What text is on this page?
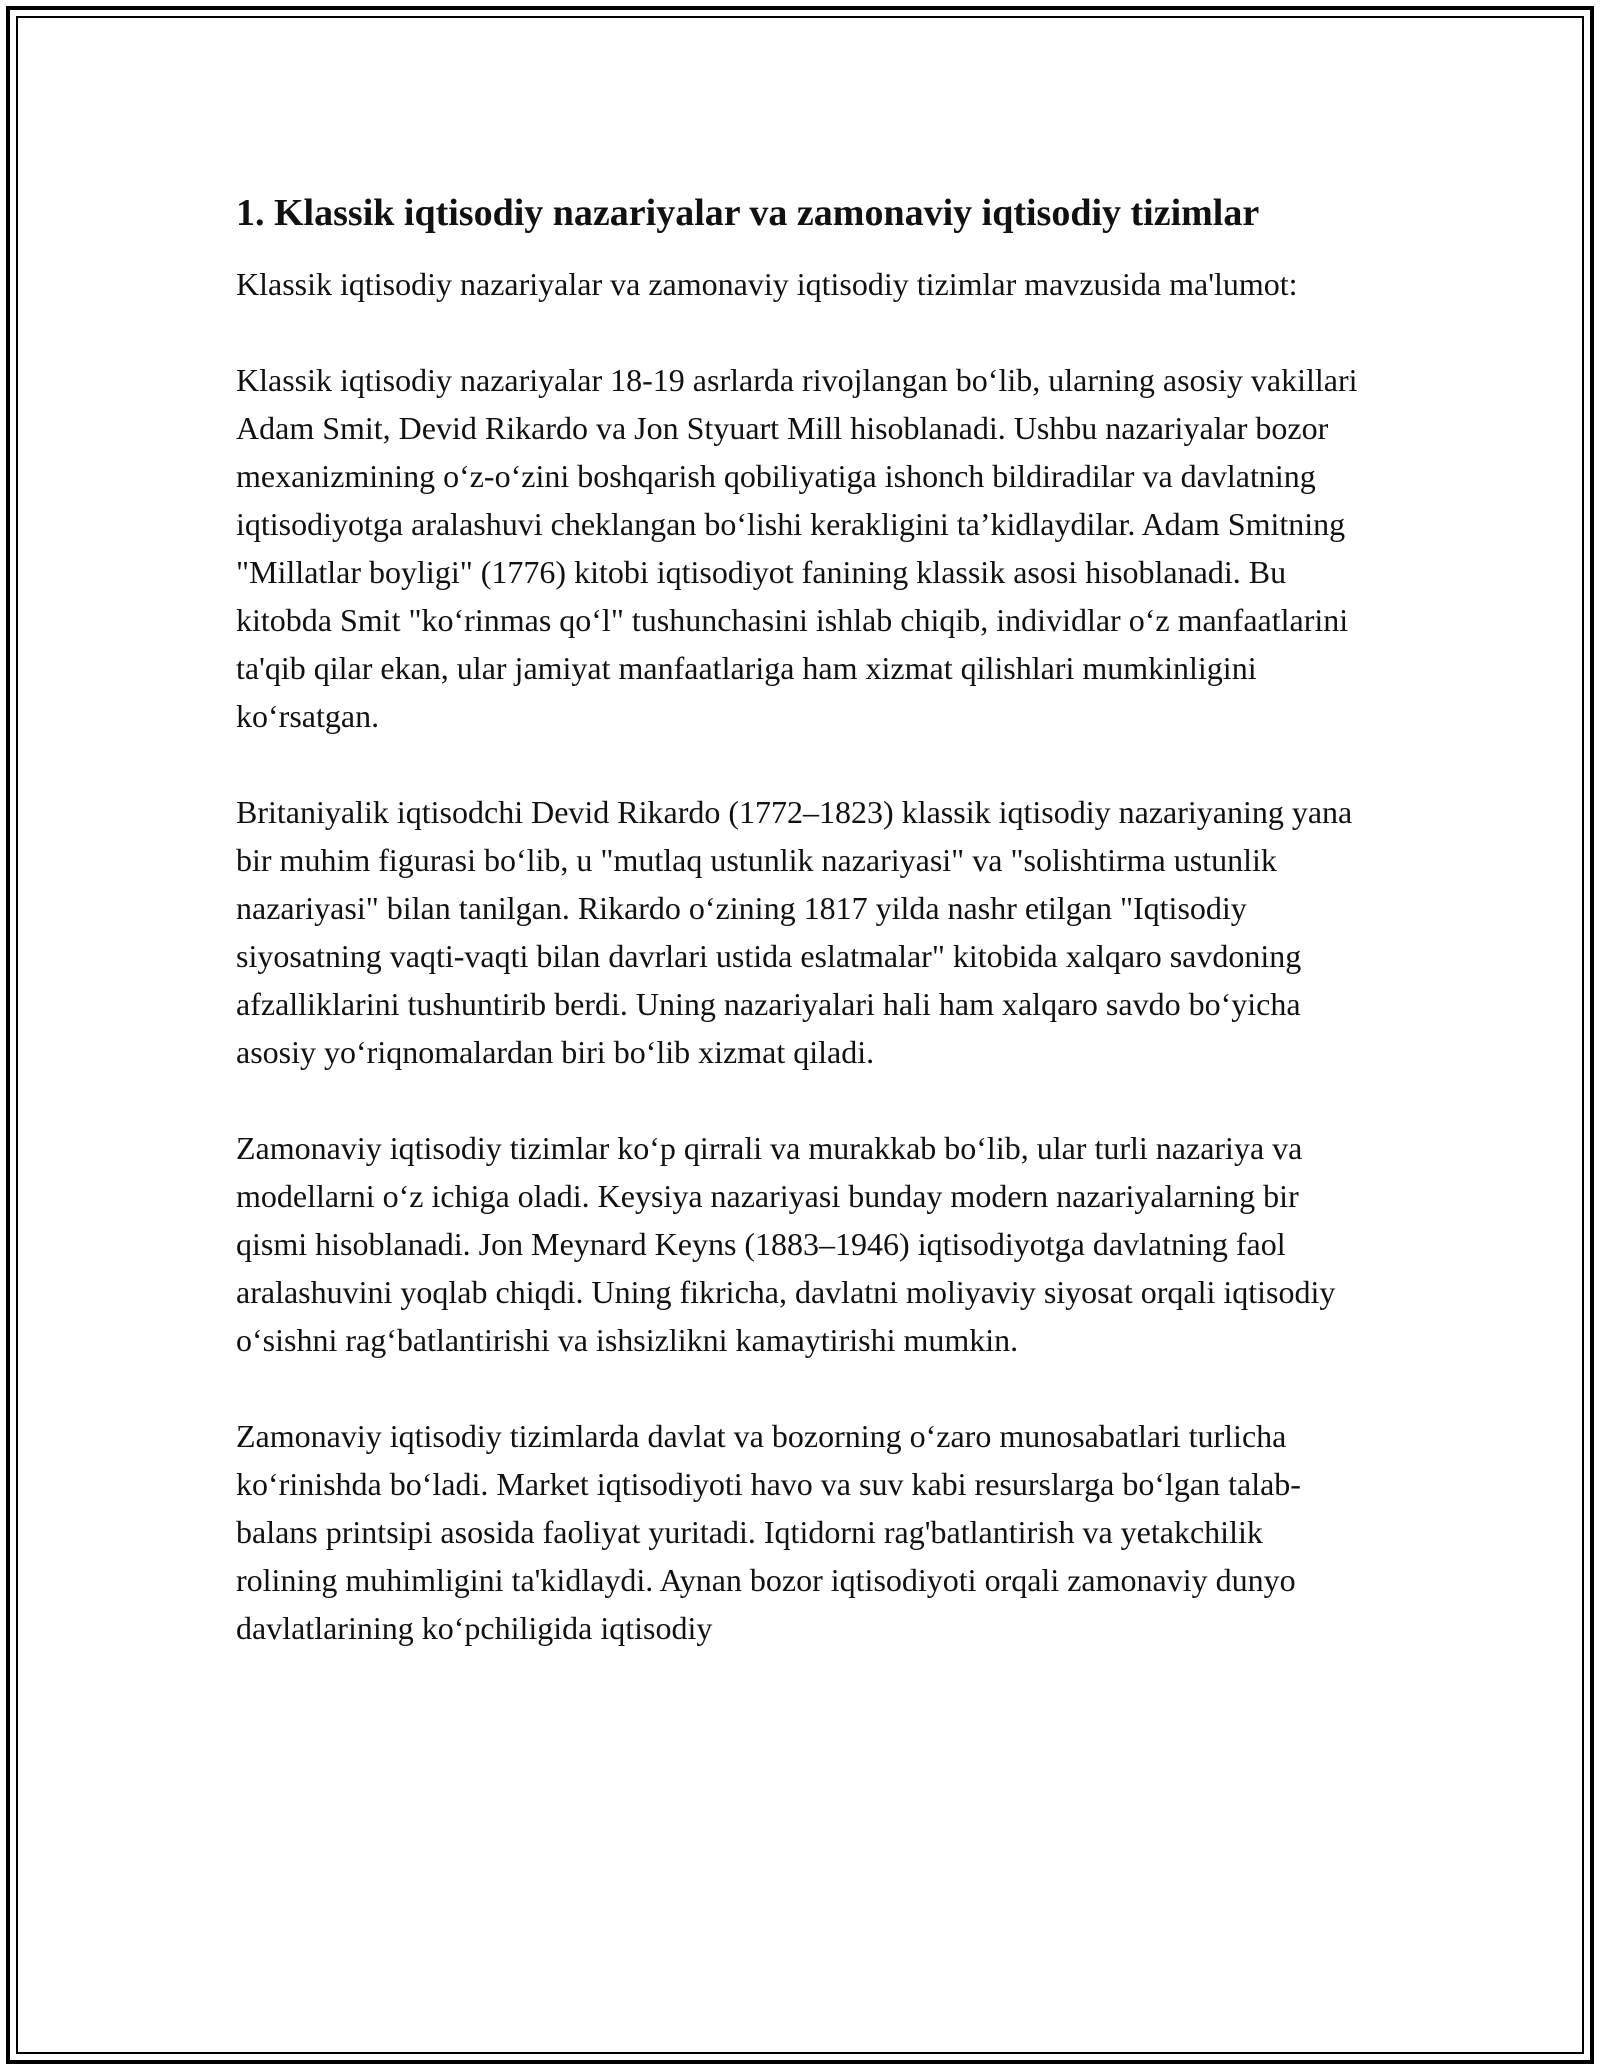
1. Klassik iqtisodiy nazariyalar va zamonaviy iqtisodiy tizimlar

Klassik iqtisodiy nazariyalar va zamonaviy iqtisodiy tizimlar mavzusida ma'lumot:

Klassik iqtisodiy nazariyalar 18-19 asrlarda rivojlangan bo‘lib, ularning asosiy vakillari Adam Smit, Devid Rikardo va Jon Styuart Mill hisoblanadi. Ushbu nazariyalar bozor mexanizmining o‘z-o‘zini boshqarish qobiliyatiga ishonch bildiradilar va davlatning iqtisodiyotga aralashuvi cheklangan bo‘lishi kerakligini ta’kidlaydilar. Adam Smitning "Millatlar boyligi" (1776) kitobi iqtisodiyot fanining klassik asosi hisoblanadi. Bu kitobda Smit "ko‘rinmas qo‘l" tushunchasini ishlab chiqib, individlar o‘z manfaatlarini ta'qib qilar ekan, ular jamiyat manfaatlariga ham xizmat qilishlari mumkinligini ko‘rsatgan.

Britaniyalik iqtisodchi Devid Rikardo (1772–1823) klassik iqtisodiy nazariyaning yana bir muhim figurasi bo‘lib, u "mutlaq ustunlik nazariyasi" va "solishtirma ustunlik nazariyasi" bilan tanilgan. Rikardo o‘zining 1817 yilda nashr etilgan "Iqtisodiy siyosatning vaqti-vaqti bilan davrlari ustida eslatmalar" kitobida xalqaro savdoning afzalliklarini tushuntirib berdi. Uning nazariyalari hali ham xalqaro savdo bo‘yicha asosiy yo‘riqnomalardan biri bo‘lib xizmat qiladi.

Zamonaviy iqtisodiy tizimlar ko‘p qirrali va murakkab bo‘lib, ular turli nazariya va modellarni o‘z ichiga oladi. Keysiya nazariyasi bunday modern nazariyalarning bir qismi hisoblanadi. Jon Meynard Keyns (1883–1946) iqtisodiyotga davlatning faol aralashuvini yoqlab chiqdi. Uning fikricha, davlatni moliyaviy siyosat orqali iqtisodiy o‘sishni rag‘batlantirishi va ishsizlikni kamaytirishi mumkin.

Zamonaviy iqtisodiy tizimlarda davlat va bozorning o‘zaro munosabatlari turlicha ko‘rinishda bo‘ladi. Market iqtisodiyoti havo va suv kabi resurslarga bo‘lgan talab-balans printsipi asosida faoliyat yuritadi. Iqtidorni rag'batlantirish va yetakchilik rolining muhimligini ta'kidlaydi. Aynan bozor iqtisodiyoti orqali zamonaviy dunyo davlatlarining ko‘pchiligida iqtisodiy
